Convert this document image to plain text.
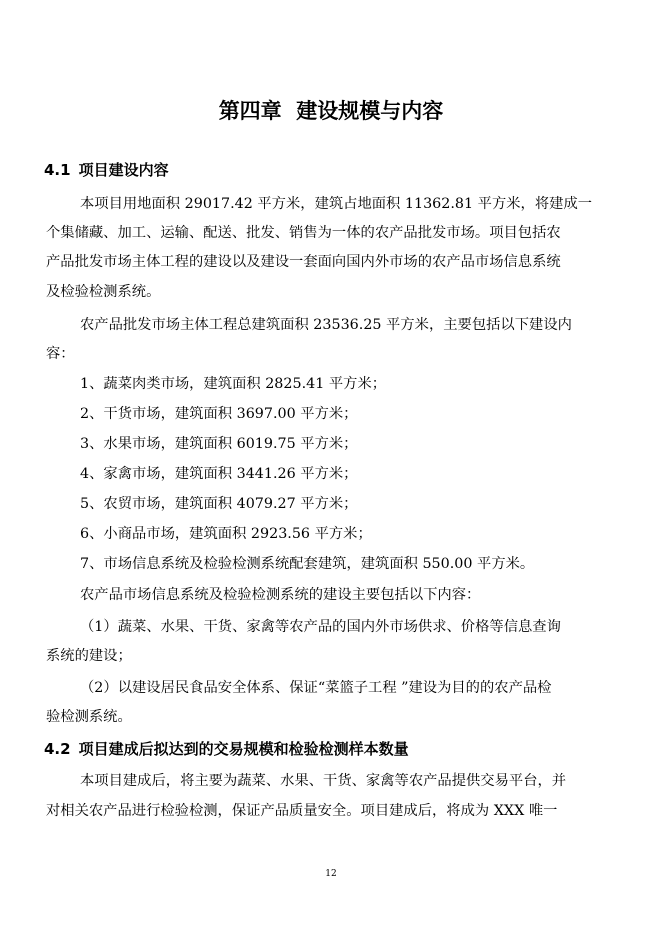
第四章  建设规模与内容
4.1 项目建设内容

本项目用地面积 29017.42 平方米，建筑占地面积 11362.81 平方米，将建成一

个集储藏、加工、运输、配送、批发、销售为一体的农产品批发市场。项目包括农

产品批发市场主体工程的建设以及建设一套面向国内外市场的农产品市场信息系统

及检验检测系统。

农产品批发市场主体工程总建筑面积 23536.25 平方米，主要包括以下建设内

容：

1、蔬菜肉类市场，建筑面积 2825.41 平方米；

2、干货市场，建筑面积 3697.00 平方米；

3、水果市场，建筑面积 6019.75 平方米；

4、家禽市场，建筑面积 3441.26 平方米；

5、农贸市场，建筑面积 4079.27 平方米；

6、小商品市场，建筑面积 2923.56 平方米；

7、市场信息系统及检验检测系统配套建筑，建筑面积 550.00 平方米。

农产品市场信息系统及检验检测系统的建设主要包括以下内容：

（1）蔬菜、水果、干货、家禽等农产品的国内外市场供求、价格等信息查询

系统的建设；

（2）以建设居民食品安全体系、保证“菜篮子工程 ”建设为目的的农产品检

验检测系统。

4.2 项目建成后拟达到的交易规模和检验检测样本数量

本项目建成后，将主要为蔬菜、水果、干货、家禽等农产品提供交易平台，并

对相关农产品进行检验检测，保证产品质量安全。项目建成后，将成为 XXX 唯一

12
